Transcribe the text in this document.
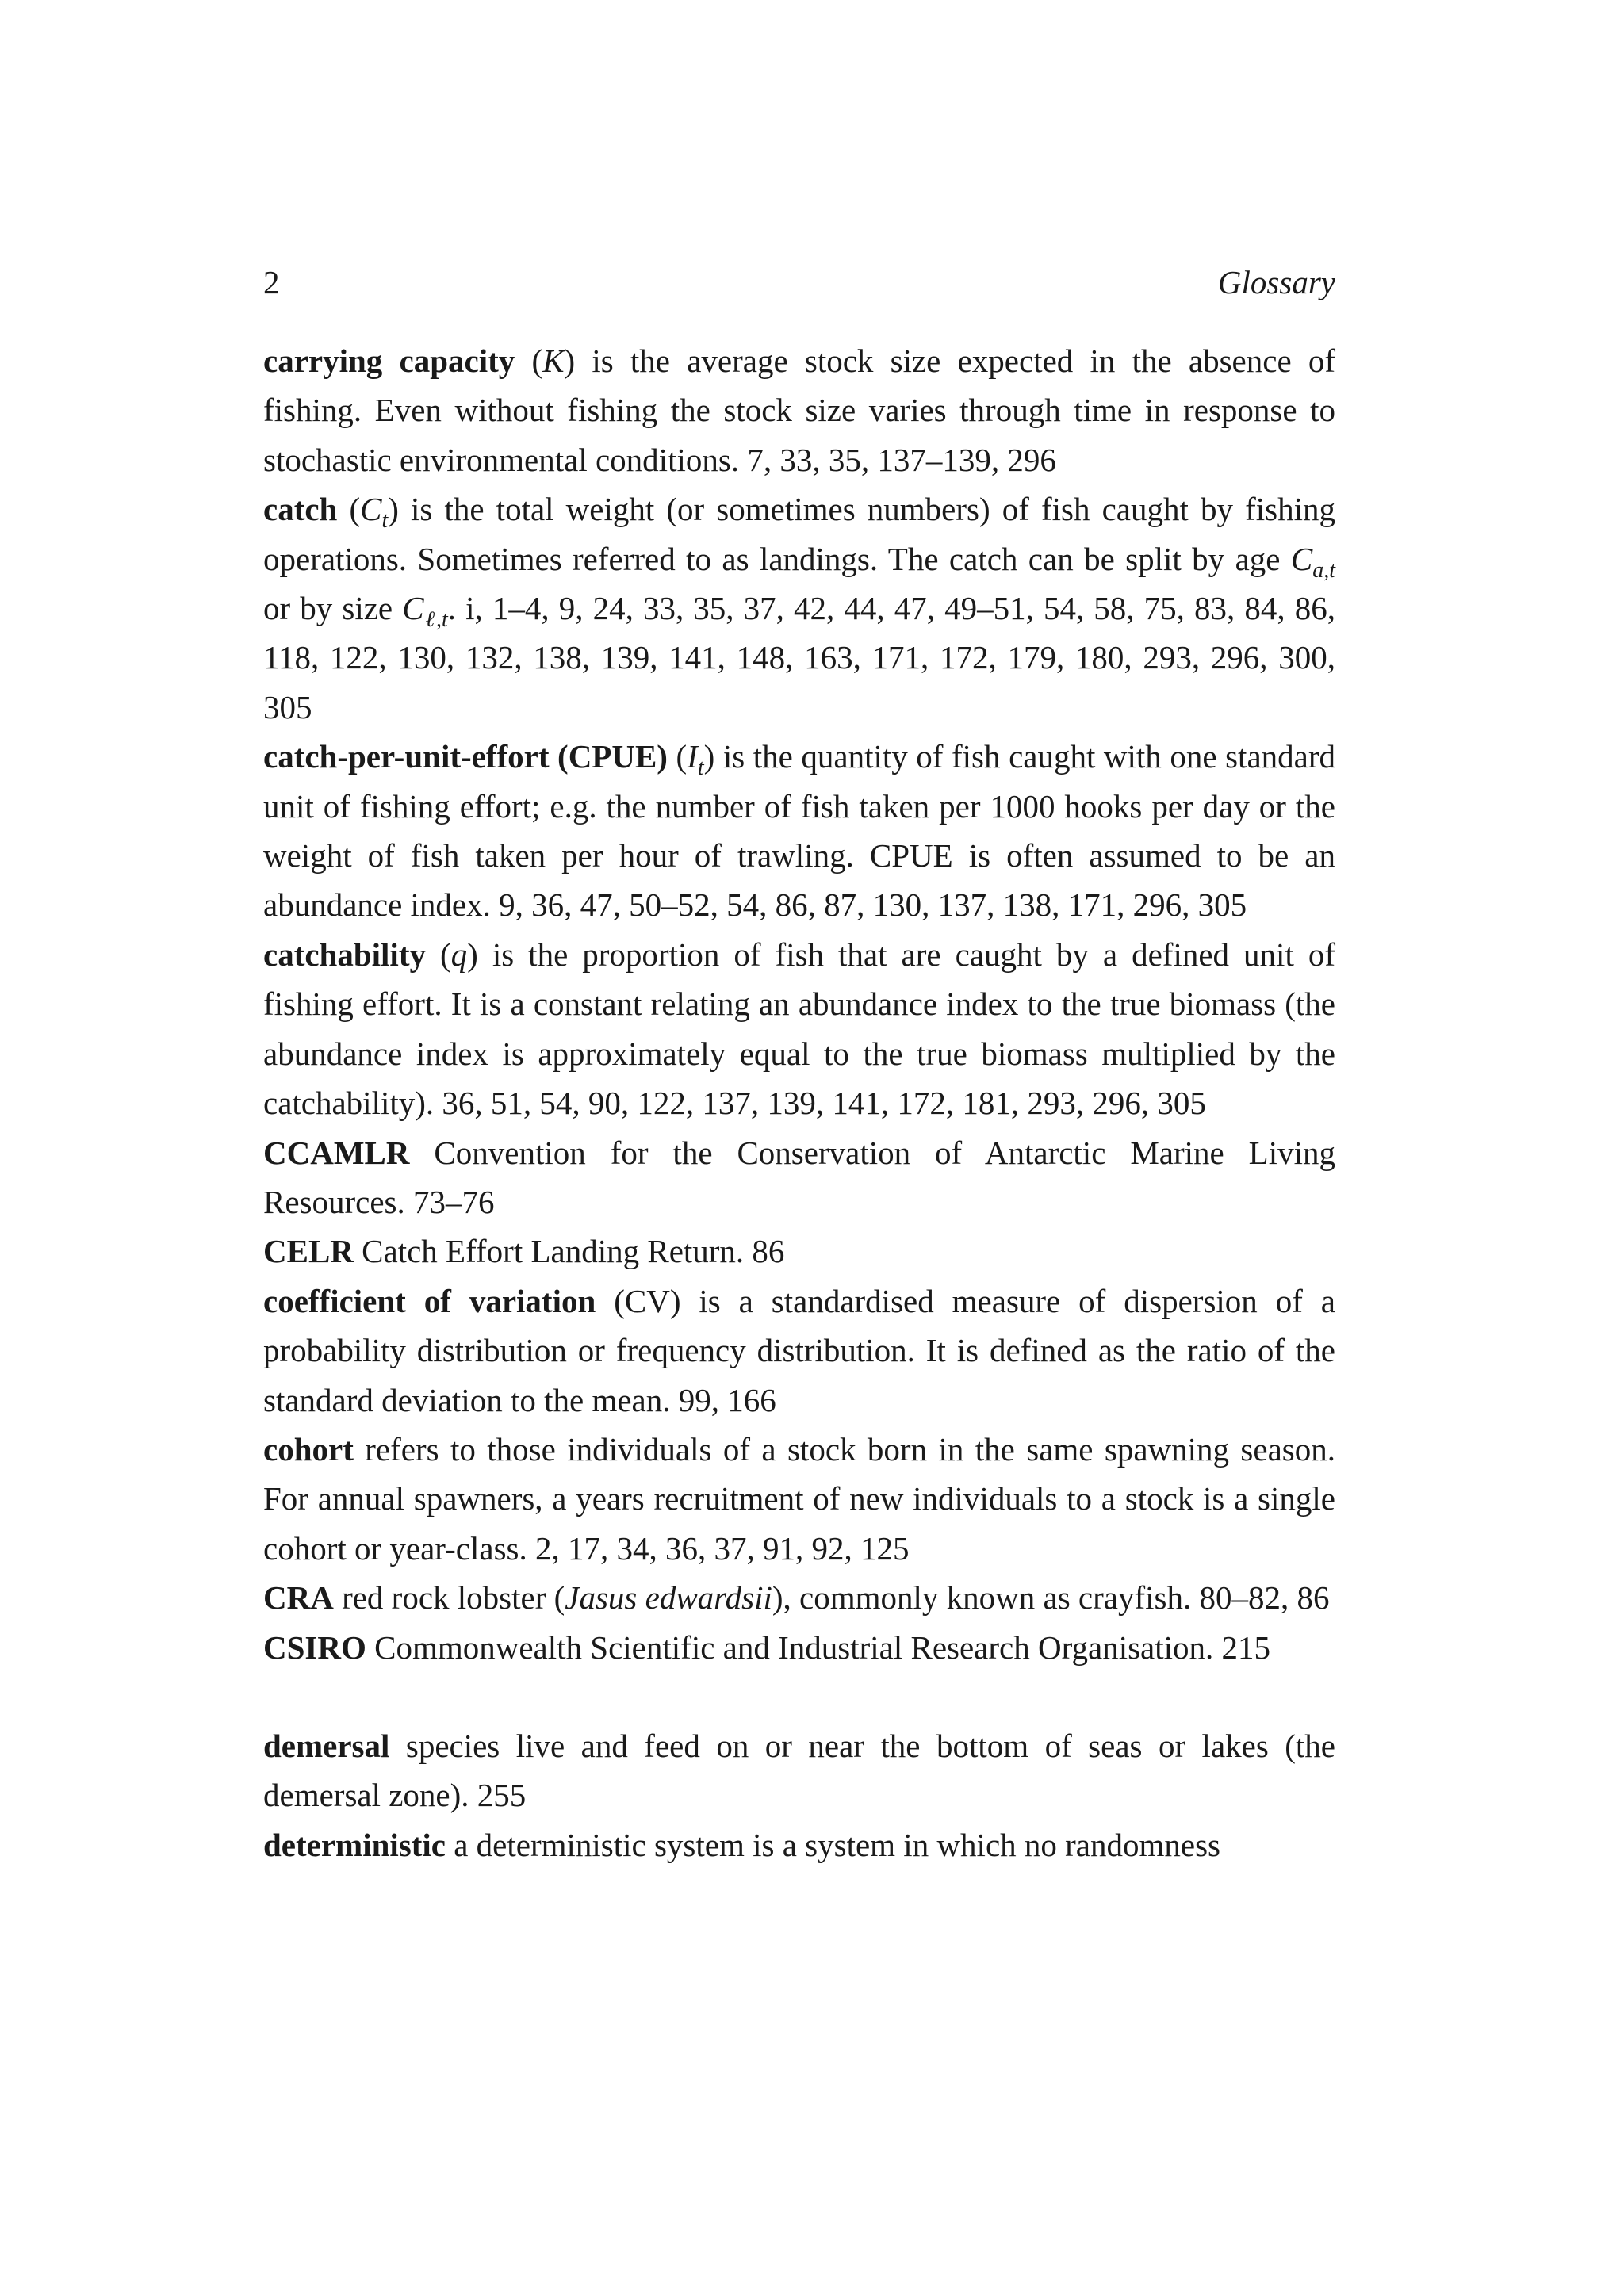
2	Glossary

carrying capacity (K) is the average stock size expected in the absence of fishing. Even without fishing the stock size varies through time in response to stochastic environmental conditions. 7, 33, 35, 137–139, 296

catch $(C_t)$ is the total weight (or sometimes numbers) of fish caught by fishing operations. Sometimes referred to as landings. The catch can be split by age $C_{a,t}$ or by size $C_{\ell,t}$. i, 1–4, 9, 24, 33, 35, 37, 42, 44, 47, 49–51, 54, 58, 75, 83, 84, 86, 118, 122, 130, 132, 138, 139, 141, 148, 163, 171, 172, 179, 180, 293, 296, 300, 305

catch-per-unit-effort (CPUE) $(I_t)$ is the quantity of fish caught with one standard unit of fishing effort; e.g. the number of fish taken per 1000 hooks per day or the weight of fish taken per hour of trawling. CPUE is often assumed to be an abundance index. 9, 36, 47, 50–52, 54, 86, 87, 130, 137, 138, 171, 296, 305

catchability (q) is the proportion of fish that are caught by a defined unit of fishing effort. It is a constant relating an abundance index to the true biomass (the abundance index is approximately equal to the true biomass multiplied by the catchability). 36, 51, 54, 90, 122, 137, 139, 141, 172, 181, 293, 296, 305

CCAMLR Convention for the Conservation of Antarctic Marine Living Resources. 73–76

CELR Catch Effort Landing Return. 86

coefficient of variation (CV) is a standardised measure of dispersion of a probability distribution or frequency distribution. It is defined as the ratio of the standard deviation to the mean. 99, 166

cohort refers to those individuals of a stock born in the same spawning season. For annual spawners, a years recruitment of new individuals to a stock is a single cohort or year-class. 2, 17, 34, 36, 37, 91, 92, 125

CRA red rock lobster (Jasus edwardsii), commonly known as crayfish. 80–82, 86

CSIRO Commonwealth Scientific and Industrial Research Organisation. 215

demersal species live and feed on or near the bottom of seas or lakes (the demersal zone). 255

deterministic a deterministic system is a system in which no randomness
